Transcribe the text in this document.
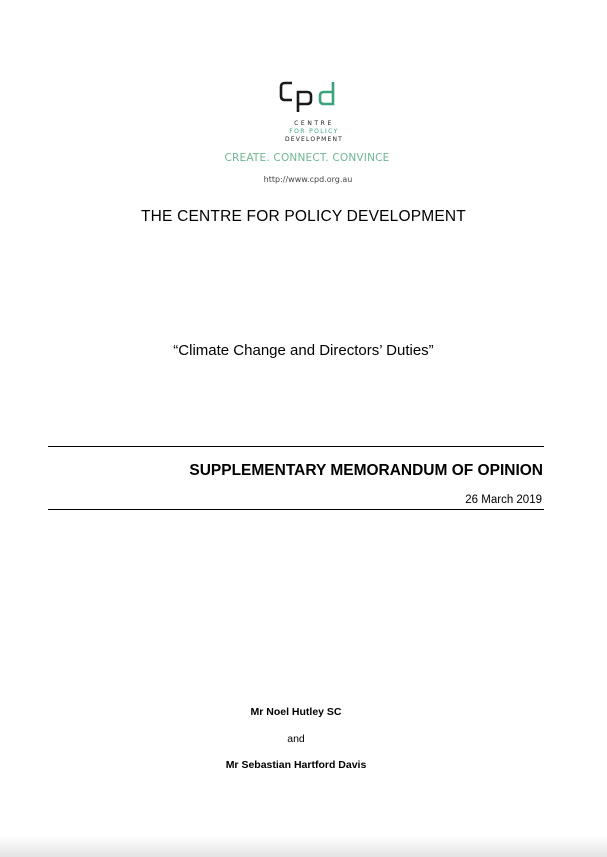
CENTRE
FOR POLICY
DEVELOPMENT
CREATE. CONNECT. CONVINCE
http://www.cpd.org.au
THE CENTRE FOR POLICY DEVELOPMENT
“Climate Change and Directors’ Duties”
SUPPLEMENTARY MEMORANDUM OF OPINION
26 March 2019
Mr Noel Hutley SC
and
Mr Sebastian Hartford Davis
